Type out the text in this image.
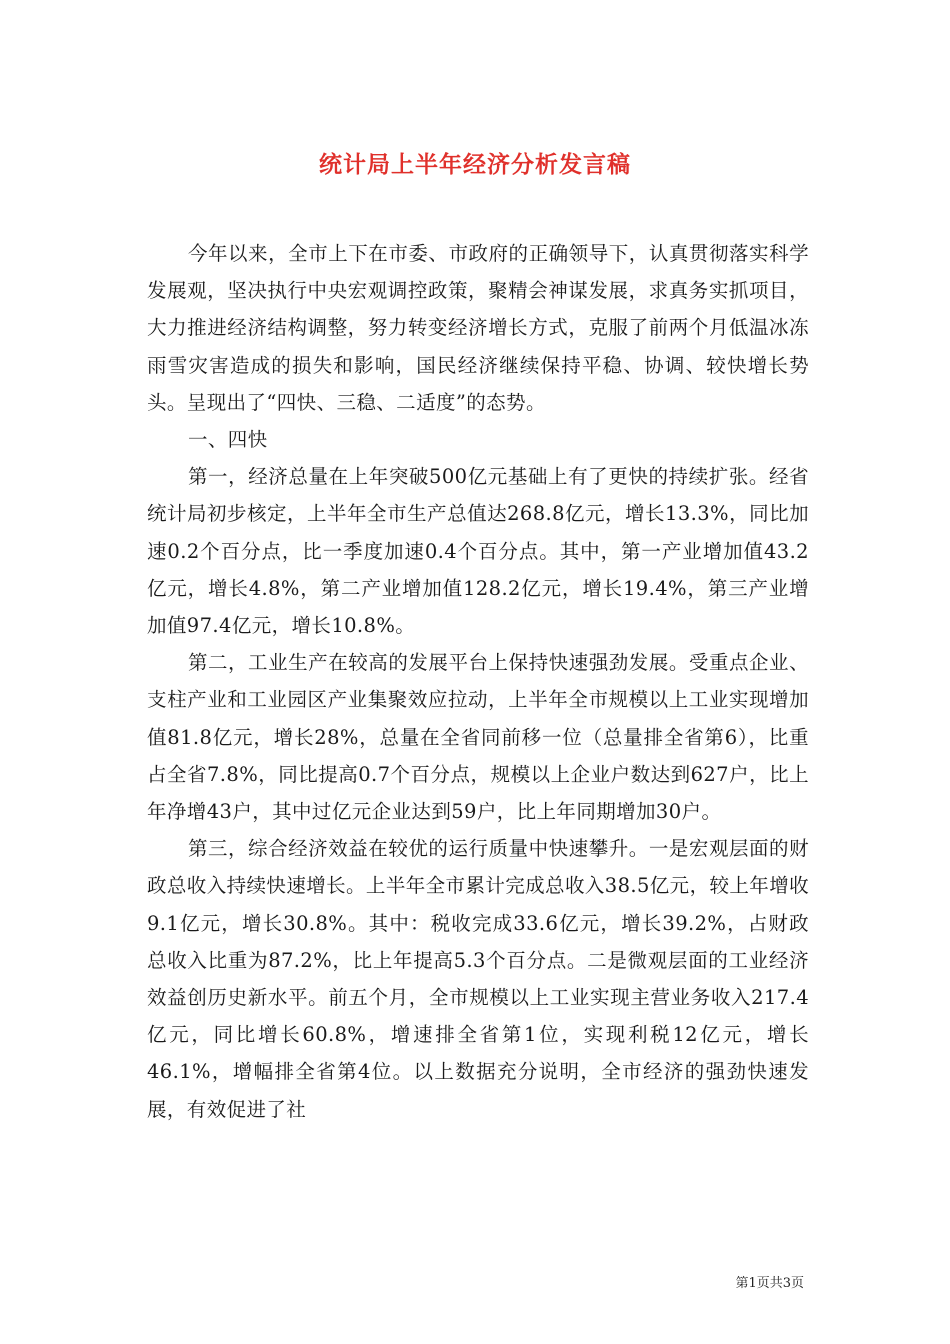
统计局上半年经济分析发言稿

今年以来，全市上下在市委、市政府的正确领导下，认真贯彻落实科学发展观，坚决执行中央宏观调控政策，聚精会神谋发展，求真务实抓项目，大力推进经济结构调整，努力转变经济增长方式，克服了前两个月低温冰冻雨雪灾害造成的损失和影响，国民经济继续保持平稳、协调、较快增长势头。呈现出了“四快、三稳、二适度”的态势。

一、四快

第一，经济总量在上年突破500亿元基础上有了更快的持续扩张。经省统计局初步核定，上半年全市生产总值达268.8亿元，增长13.3%，同比加速0.2个百分点，比一季度加速0.4个百分点。其中，第一产业增加值43.2亿元，增长4.8%，第二产业增加值128.2亿元，增长19.4%，第三产业增加值97.4亿元，增长10.8%。

第二，工业生产在较高的发展平台上保持快速强劲发展。受重点企业、支柱产业和工业园区产业集聚效应拉动，上半年全市规模以上工业实现增加值81.8亿元，增长28%，总量在全省同前移一位（总量排全省第6），比重占全省7.8%，同比提高0.7个百分点，规模以上企业户数达到627户，比上年净增43户，其中过亿元企业达到59户，比上年同期增加30户。

第三，综合经济效益在较优的运行质量中快速攀升。一是宏观层面的财政总收入持续快速增长。上半年全市累计完成总收入38.5亿元，较上年增收9.1亿元，增长30.8%。其中：税收完成33.6亿元，增长39.2%，占财政总收入比重为87.2%，比上年提高5.3个百分点。二是微观层面的工业经济效益创历史新水平。前五个月，全市规模以上工业实现主营业务收入217.4亿元，同比增长60.8%，增速排全省第1位，实现利税12亿元，增长46.1%，增幅排全省第4位。以上数据充分说明，全市经济的强劲快速发展，有效促进了社

第1页共3页
